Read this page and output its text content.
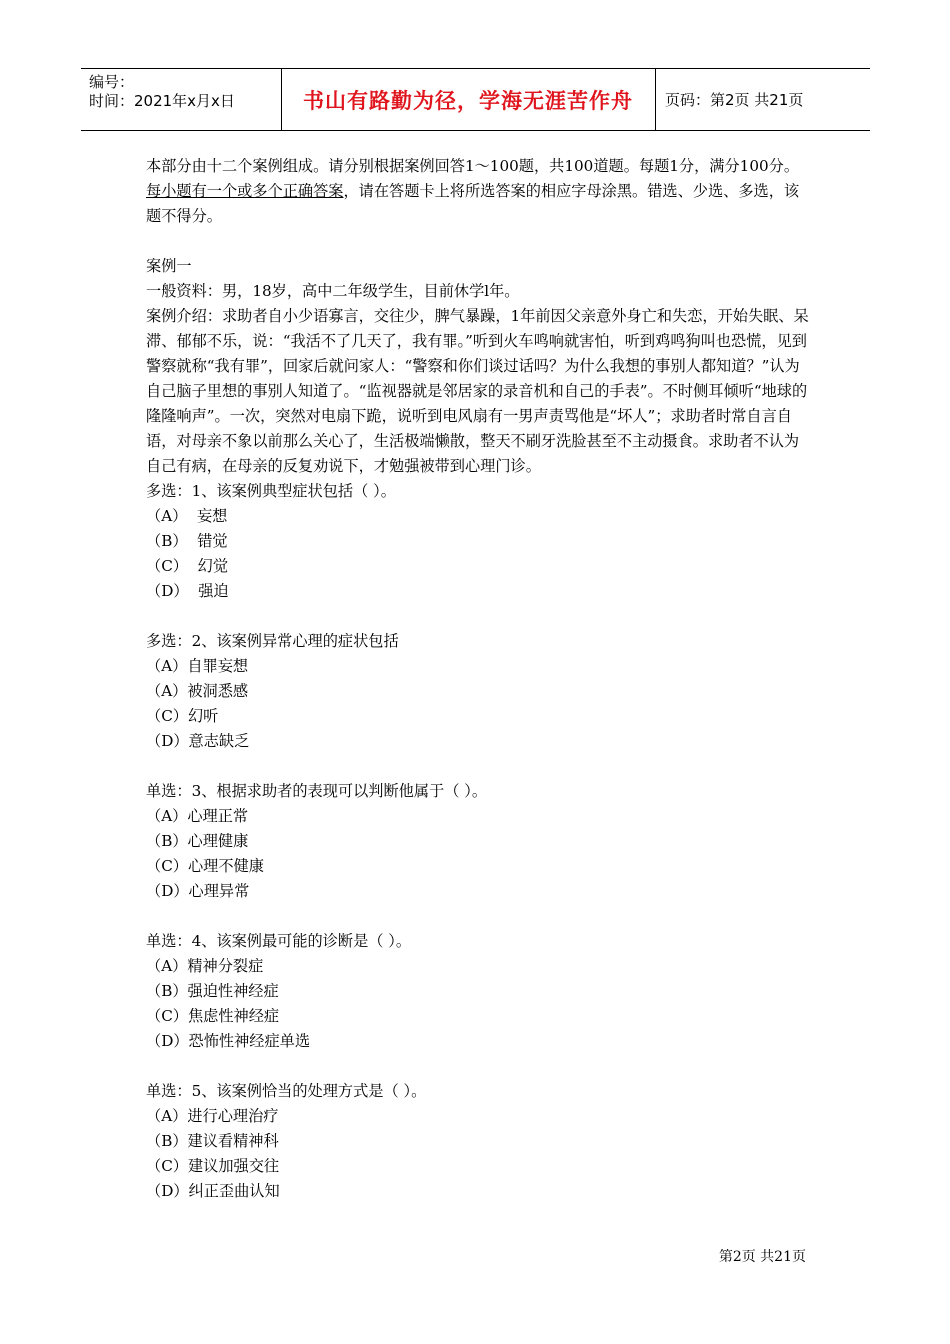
编号：
时间：2021年x月x日	书山有路勤为径，学海无涯苦作舟	页码：第2页 共21页

本部分由十二个案例组成。请分别根据案例回答1～100题，共100道题。每题1分，满分100分。每小题有一个或多个正确答案，请在答题卡上将所选答案的相应字母涂黑。错选、少选、多选，该题不得分。

案例一

一般资料：男，18岁，高中二年级学生，目前休学l年。

案例介绍：求助者自小少语寡言，交往少，脾气暴躁，1年前因父亲意外身亡和失恋，开始失眠、呆滞、郁郁不乐，说：“我活不了几天了，我有罪。”听到火车鸣响就害怕，听到鸡鸣狗叫也恐慌，见到警察就称“我有罪”，回家后就问家人：“警察和你们谈过话吗？为什么我想的事别人都知道？”认为自己脑子里想的事别人知道了。“监视器就是邻居家的录音机和自己的手表”。不时侧耳倾听“地球的隆隆响声”。一次，突然对电扇下跪，说听到电风扇有一男声责骂他是“坏人”；求助者时常自言自语，对母亲不象以前那么关心了，生活极端懒散，整天不刷牙洗脸甚至不主动摄食。求助者不认为自己有病，在母亲的反复劝说下，才勉强被带到心理门诊。

多选：1、该案例典型症状包括（ ）。

（A）  妄想

（B）  错觉

（C）  幻觉

（D）  强迫

多选：2、该案例异常心理的症状包括

（A）自罪妄想

（A）被洞悉感

（C）幻听

（D）意志缺乏

单选：3、根据求助者的表现可以判断他属于（ ）。

（A）心理正常

（B）心理健康

（C）心理不健康

（D）心理异常

单选：4、该案例最可能的诊断是（ ）。

（A）精神分裂症

（B）强迫性神经症

（C）焦虑性神经症

（D）恐怖性神经症单选

单选：5、该案例恰当的处理方式是（ ）。

（A）进行心理治疗

（B）建议看精神科

（C）建议加强交往

（D）纠正歪曲认知

第2页 共21页
